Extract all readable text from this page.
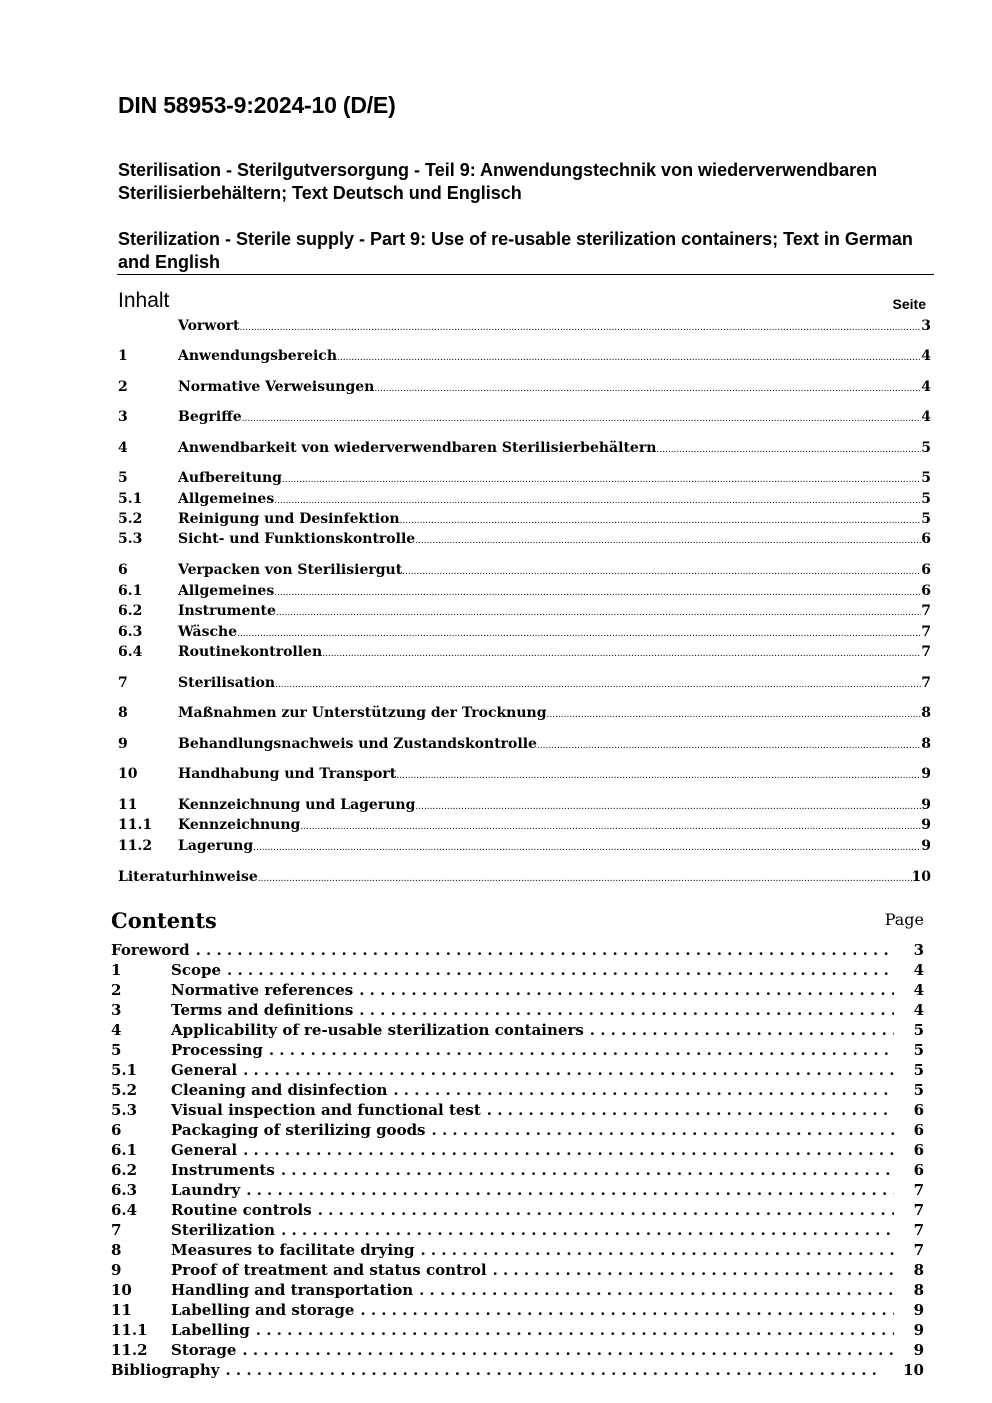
DIN 58953-9:2024-10 (D/E)
Sterilisation - Sterilgutversorgung - Teil 9: Anwendungstechnik von wiederverwendbaren Sterilisierbehältern; Text Deutsch und Englisch
Sterilization - Sterile supply - Part 9: Use of re-usable sterilization containers; Text in German and English
Inhalt	Seite
Vorwort .....	3
1	Anwendungsbereich .....	4
2	Normative Verweisungen .....	4
3	Begriffe .....	4
4	Anwendbarkeit von wiederverwendbaren Sterilisierbehältern .....	5
5	Aufbereitung .....	5
5.1	Allgemeines .....	5
5.2	Reinigung und Desinfektion .....	5
5.3	Sicht- und Funktionskontrolle .....	6
6	Verpacken von Sterilisiergut .....	6
6.1	Allgemeines .....	6
6.2	Instrumente .....	7
6.3	Wäsche .....	7
6.4	Routinekontrollen .....	7
7	Sterilisation .....	7
8	Maßnahmen zur Unterstützung der Trocknung .....	8
9	Behandlungsnachweis und Zustandskontrolle .....	8
10	Handhabung und Transport .....	9
11	Kennzeichnung und Lagerung .....	9
11.1	Kennzeichnung .....	9
11.2	Lagerung .....	9
Literaturhinweise .....	10
Contents	Page
Foreword .....	3
1	Scope .....	4
2	Normative references .....	4
3	Terms and definitions .....	4
4	Applicability of re-usable sterilization containers .....	5
5	Processing .....	5
5.1	General .....	5
5.2	Cleaning and disinfection .....	5
5.3	Visual inspection and functional test .....	6
6	Packaging of sterilizing goods .....	6
6.1	General .....	6
6.2	Instruments .....	6
6.3	Laundry .....	7
6.4	Routine controls .....	7
7	Sterilization .....	7
8	Measures to facilitate drying .....	7
9	Proof of treatment and status control .....	8
10	Handling and transportation .....	8
11	Labelling and storage .....	9
11.1	Labelling .....	9
11.2	Storage .....	9
Bibliography .....	10
